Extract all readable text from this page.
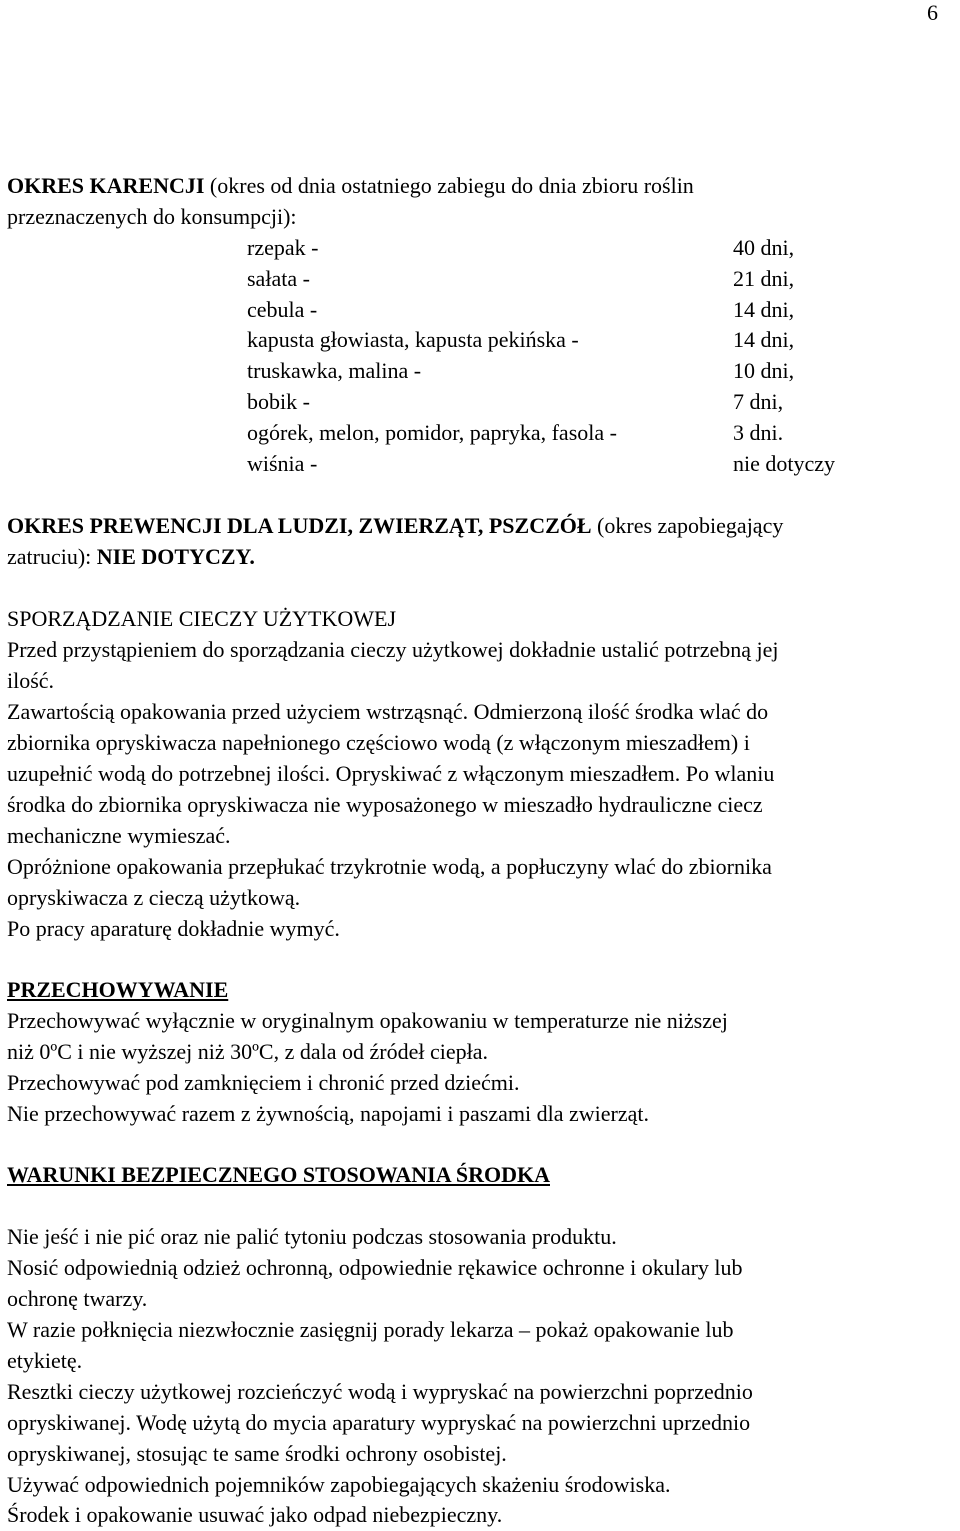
6
OKRES KARENCJI (okres od dnia ostatniego zabiegu do dnia zbioru roślin
przeznaczenych do konsumpcji):
rzepak -	40 dni,
sałata -	21 dni,
cebula -	14 dni,
kapusta głowiasta, kapusta pekińska -	14 dni,
truskawka, malina -	10 dni,
bobik -	7 dni,
ogórek, melon, pomidor, papryka, fasola -	3 dni.
wiśnia -	nie dotyczy
OKRES PREWENCJI DLA LUDZI, ZWIERZĄT, PSZCZÓŁ (okres zapobiegający
zatruciu): NIE DOTYCZY.
SPORZĄDZANIE CIECZY UŻYTKOWEJ
Przed przystąpieniem do sporządzania cieczy użytkowej dokładnie ustalić potrzebną jej
ilość.
Zawartością opakowania przed użyciem wstrząsnąć. Odmierzoną ilość środka wlać do
zbiornika opryskiwacza napełnionego częściowo wodą (z włączonym mieszadłem) i
uzupełnić wodą do potrzebnej ilości. Opryskiwać z włączonym mieszadłem. Po wlaniu
środka do zbiornika opryskiwacza nie wyposażonego w mieszadło hydrauliczne ciecz
mechaniczne wymieszać.
Opróżnione opakowania przepłukać trzykrotnie wodą, a popłuczyny wlać do zbiornika
opryskiwacza z cieczą użytkową.
Po pracy aparaturę dokładnie wymyć.
PRZECHOWYWANIE
Przechowywać wyłącznie w oryginalnym opakowaniu w temperaturze nie niższej
niż 0ºC i nie wyższej niż 30ºC, z dala od źródeł ciepła.
Przechowywać pod zamknięciem i chronić przed dziećmi.
Nie przechowywać razem z żywnością, napojami i paszami dla zwierząt.
WARUNKI BEZPIECZNEGO STOSOWANIA ŚRODKA
Nie jeść i nie pić oraz nie palić tytoniu podczas stosowania produktu.
Nosić odpowiednią odzież ochronną, odpowiednie rękawice ochronne i okulary lub
ochronę twarzy.
W razie połknięcia niezwłocznie zasięgnij porady lekarza – pokaż opakowanie lub
etykietę.
Resztki cieczy użytkowej rozcieńczyć wodą i wypryskać na powierzchni poprzednio
opryskiwanej. Wodę użytą do mycia aparatury wypryskać na powierzchni uprzednio
opryskiwanej, stosując te same środki ochrony osobistej.
Używać odpowiednich pojemników zapobiegających skażeniu środowiska.
Środek i opakowanie usuwać jako odpad niebezpieczny.
